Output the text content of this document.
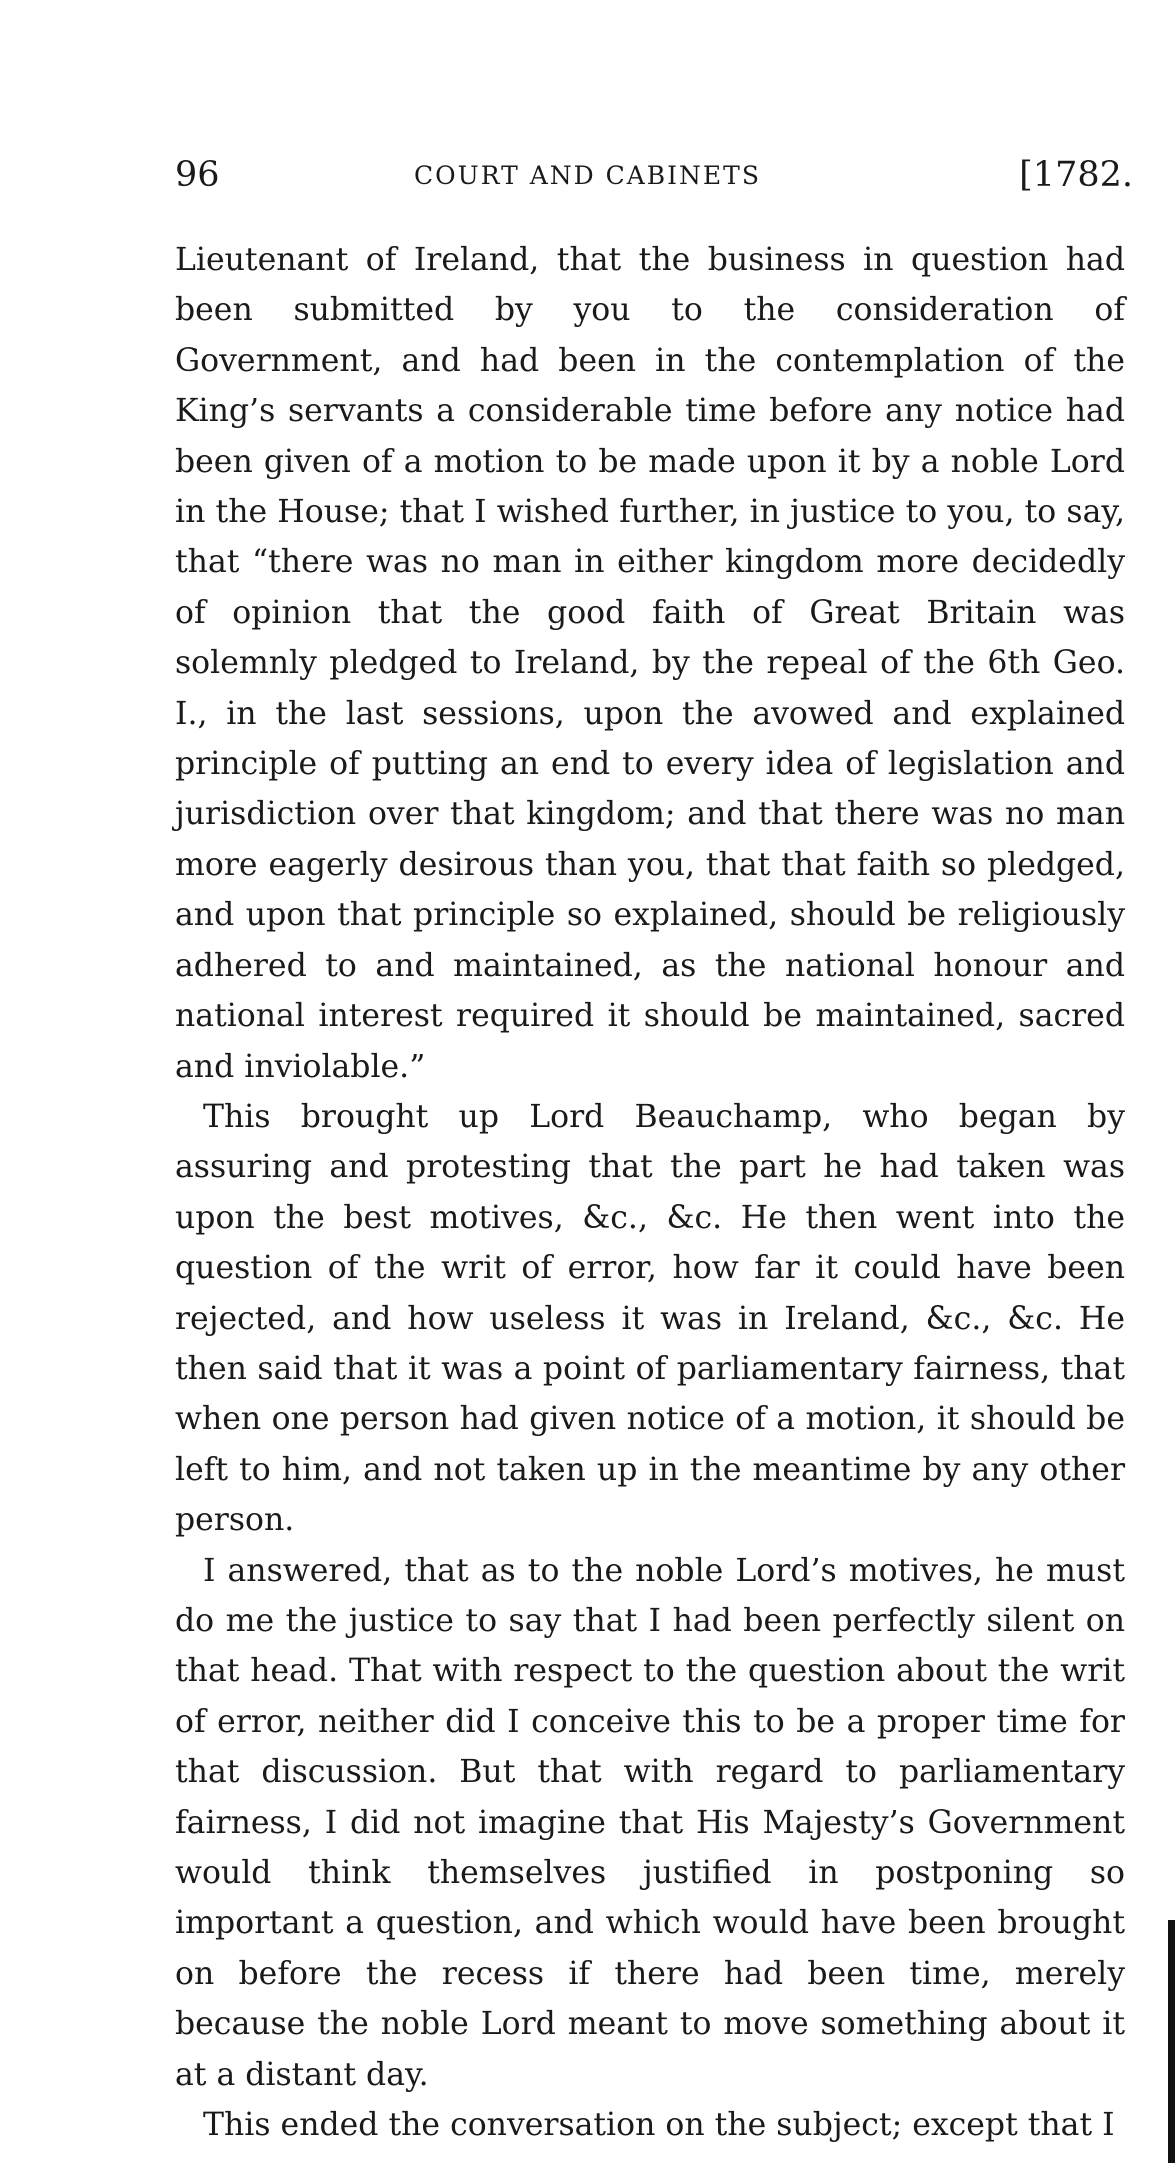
96	COURT AND CABINETS	[1782.

Lieutenant of Ireland, that the business in question had been submitted by you to the consideration of Government, and had been in the contemplation of the King’s servants a considerable time before any notice had been given of a motion to be made upon it by a noble Lord in the House; that I wished further, in justice to you, to say, that “there was no man in either kingdom more decidedly of opinion that the good faith of Great Britain was solemnly pledged to Ireland, by the repeal of the 6th Geo. I., in the last sessions, upon the avowed and explained principle of putting an end to every idea of legislation and jurisdiction over that kingdom; and that there was no man more eagerly desirous than you, that that faith so pledged, and upon that principle so explained, should be religiously adhered to and maintained, as the national honour and national interest required it should be maintained, sacred and inviolable.”

This brought up Lord Beauchamp, who began by assuring and protesting that the part he had taken was upon the best motives, &c., &c. He then went into the question of the writ of error, how far it could have been rejected, and how useless it was in Ireland, &c., &c. He then said that it was a point of parliamentary fairness, that when one person had given notice of a motion, it should be left to him, and not taken up in the meantime by any other person.

I answered, that as to the noble Lord’s motives, he must do me the justice to say that I had been perfectly silent on that head. That with respect to the question about the writ of error, neither did I conceive this to be a proper time for that discussion. But that with regard to parliamentary fairness, I did not imagine that His Majesty’s Government would think themselves justified in postponing so important a question, and which would have been brought on before the recess if there had been time, merely because the noble Lord meant to move something about it at a distant day.

This ended the conversation on the subject; except that I
